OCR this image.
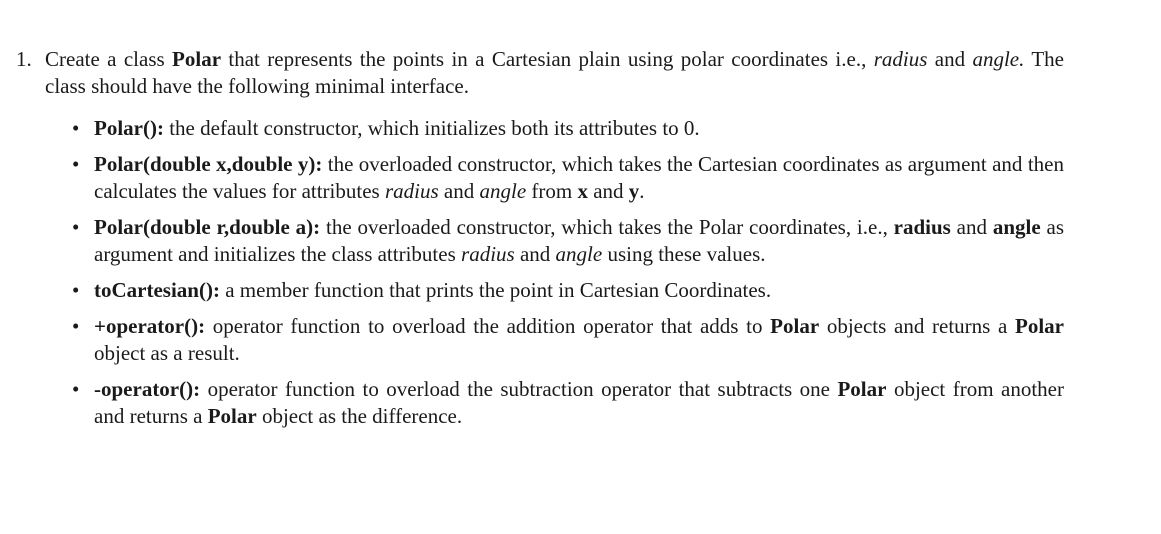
1. Create a class Polar that represents the points in a Cartesian plain using polar coordinates i.e., radius and angle. The class should have the following minimal interface.
• Polar(): the default constructor, which initializes both its attributes to 0.
• Polar(double x,double y): the overloaded constructor, which takes the Cartesian coordinates as argument and then calculates the values for attributes radius and angle from x and y.
• Polar(double r,double a): the overloaded constructor, which takes the Polar coordinates, i.e., radius and angle as argument and initializes the class attributes radius and angle using these values.
• toCartesian(): a member function that prints the point in Cartesian Coordinates.
• +operator(): operator function to overload the addition operator that adds to Polar objects and returns a Polar object as a result.
• -operator(): operator function to overload the subtraction operator that subtracts one Polar object from another and returns a Polar object as the difference.
